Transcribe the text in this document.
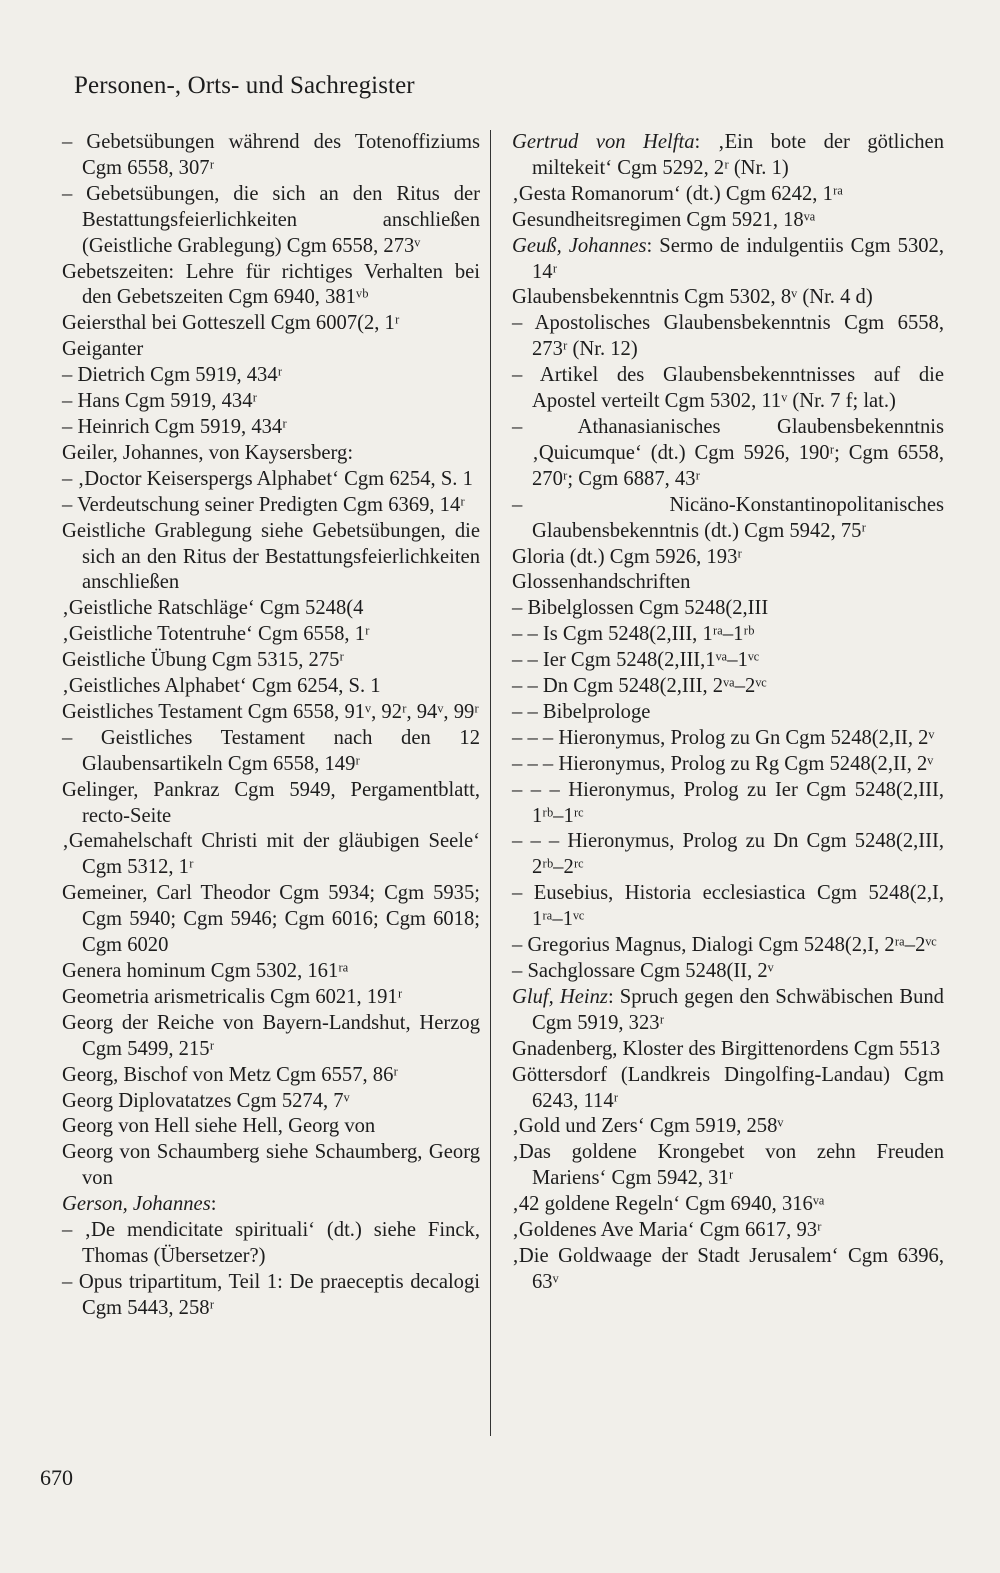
Personen-, Orts- und Sachregister
– Gebetsübungen während des Totenoffiziums Cgm 6558, 307ʳ
– Gebetsübungen, die sich an den Ritus der Bestattungsfeierlichkeiten anschließen (Geistliche Grablegung) Cgm 6558, 273ᵛ
Gebetszeiten: Lehre für richtiges Verhalten bei den Gebetszeiten Cgm 6940, 381ᵛᵇ
Geiersthal bei Gotteszell Cgm 6007(2, 1ʳ
Geiganter
– Dietrich Cgm 5919, 434ʳ
– Hans Cgm 5919, 434ʳ
– Heinrich Cgm 5919, 434ʳ
Geiler, Johannes, von Kaysersberg:
– ‚Doctor Keiserspergs Alphabet‘ Cgm 6254, S. 1
– Verdeutschung seiner Predigten Cgm 6369, 14ʳ
Geistliche Grablegung siehe Gebetsübungen, die sich an den Ritus der Bestattungsfeierlichkeiten anschließen
‚Geistliche Ratschläge‘ Cgm 5248(4
‚Geistliche Totentruhe‘ Cgm 6558, 1ʳ
Geistliche Übung Cgm 5315, 275ʳ
‚Geistliches Alphabet‘ Cgm 6254, S. 1
Geistliches Testament Cgm 6558, 91ᵛ, 92ʳ, 94ᵛ, 99ʳ
– Geistliches Testament nach den 12 Glaubensartikeln Cgm 6558, 149ʳ
Gelinger, Pankraz Cgm 5949, Pergamentblatt, recto-Seite
‚Gemahelschaft Christi mit der gläubigen Seele‘ Cgm 5312, 1ʳ
Gemeiner, Carl Theodor Cgm 5934; Cgm 5935; Cgm 5940; Cgm 5946; Cgm 6016; Cgm 6018; Cgm 6020
Genera hominum Cgm 5302, 161ʳᵃ
Geometria arismetricalis Cgm 6021, 191ʳ
Georg der Reiche von Bayern-Landshut, Herzog Cgm 5499, 215ʳ
Georg, Bischof von Metz Cgm 6557, 86ʳ
Georg Diplovatatzes Cgm 5274, 7ᵛ
Georg von Hell siehe Hell, Georg von
Georg von Schaumberg siehe Schaumberg, Georg von
Gerson, Johannes:
– ‚De mendicitate spirituali‘ (dt.) siehe Finck, Thomas (Übersetzer?)
– Opus tripartitum, Teil 1: De praeceptis decalogi Cgm 5443, 258ʳ
Gertrud von Helfta: ‚Ein bote der götlichen miltekeit‘ Cgm 5292, 2ʳ (Nr. 1)
‚Gesta Romanorum‘ (dt.) Cgm 6242, 1ʳᵃ
Gesundheitsregimen Cgm 5921, 18ᵛᵃ
Geuß, Johannes: Sermo de indulgentiis Cgm 5302, 14ʳ
Glaubensbekenntnis Cgm 5302, 8ᵛ (Nr. 4 d)
– Apostolisches Glaubensbekenntnis Cgm 6558, 273ʳ (Nr. 12)
– Artikel des Glaubensbekenntnisses auf die Apostel verteilt Cgm 5302, 11ᵛ (Nr. 7 f; lat.)
– Athanasianisches Glaubensbekenntnis ‚Quicumque‘ (dt.) Cgm 5926, 190ʳ; Cgm 6558, 270ʳ; Cgm 6887, 43ʳ
– Nicäno-Konstantinopolitanisches Glaubensbekenntnis (dt.) Cgm 5942, 75ʳ
Gloria (dt.) Cgm 5926, 193ʳ
Glossenhandschriften
– Bibelglossen Cgm 5248(2,III
– – Is Cgm 5248(2,III, 1ʳᵃ–1ʳᵇ
– – Ier Cgm 5248(2,III,1ᵛᵃ–1ᵛᶜ
– – Dn Cgm 5248(2,III, 2ᵛᵃ–2ᵛᶜ
– – Bibelprologe
– – – Hieronymus, Prolog zu Gn Cgm 5248(2,II, 2ᵛ
– – – Hieronymus, Prolog zu Rg Cgm 5248(2,II, 2ᵛ
– – – Hieronymus, Prolog zu Ier Cgm 5248(2,III, 1ʳᵇ–1ʳᶜ
– – – Hieronymus, Prolog zu Dn Cgm 5248(2,III, 2ʳᵇ–2ʳᶜ
– Eusebius, Historia ecclesiastica Cgm 5248(2,I, 1ʳᵃ–1ᵛᶜ
– Gregorius Magnus, Dialogi Cgm 5248(2,I, 2ʳᵃ–2ᵛᶜ
– Sachglossare Cgm 5248(II, 2ᵛ
Gluf, Heinz: Spruch gegen den Schwäbischen Bund Cgm 5919, 323ʳ
Gnadenberg, Kloster des Birgittenordens Cgm 5513
Göttersdorf (Landkreis Dingolfing-Landau) Cgm 6243, 114ʳ
‚Gold und Zers‘ Cgm 5919, 258ᵛ
‚Das goldene Krongebet von zehn Freuden Mariens‘ Cgm 5942, 31ʳ
‚42 goldene Regeln‘ Cgm 6940, 316ᵛᵃ
‚Goldenes Ave Maria‘ Cgm 6617, 93ʳ
‚Die Goldwaage der Stadt Jerusalem‘ Cgm 6396, 63ᵛ
670
